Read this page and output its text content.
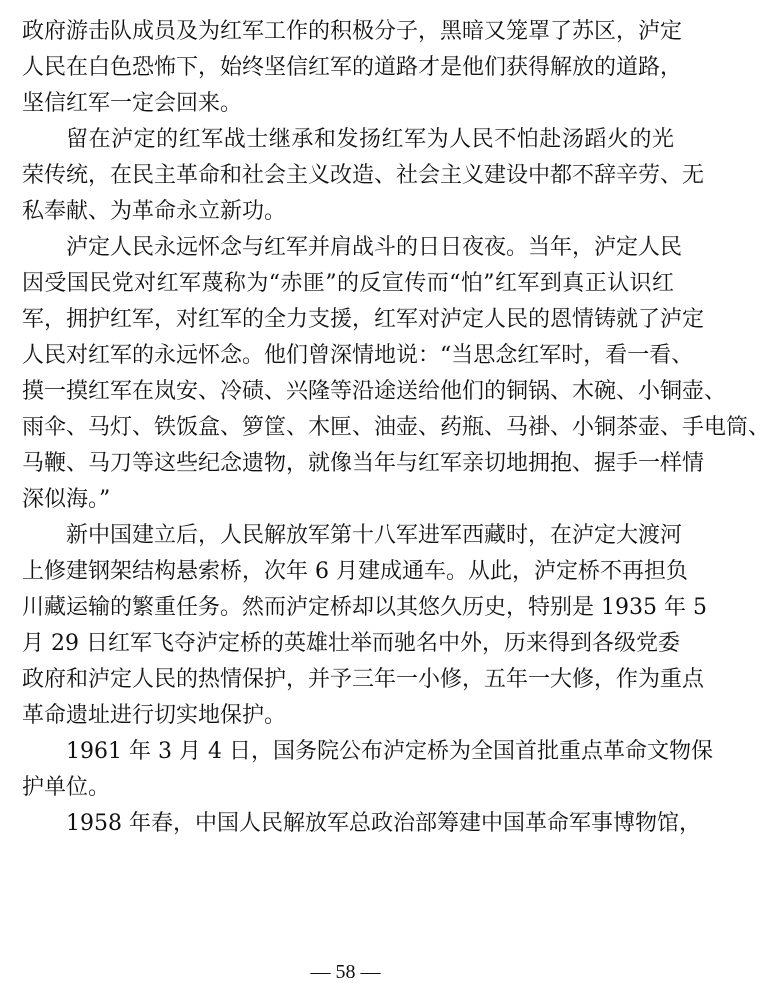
政府游击队成员及为红军工作的积极分子，黑暗又笼罩了苏区，泸定
人民在白色恐怖下，始终坚信红军的道路才是他们获得解放的道路，
坚信红军一定会回来。
留在泸定的红军战士继承和发扬红军为人民不怕赴汤蹈火的光
荣传统，在民主革命和社会主义改造、社会主义建设中都不辞辛劳、无
私奉献、为革命永立新功。
泸定人民永远怀念与红军并肩战斗的日日夜夜。当年，泸定人民
因受国民党对红军蔑称为“赤匪”的反宣传而“怕”红军到真正认识红
军，拥护红军，对红军的全力支援，红军对泸定人民的恩情铸就了泸定
人民对红军的永远怀念。他们曾深情地说：“当思念红军时，看一看、
摸一摸红军在岚安、冷碛、兴隆等沿途送给他们的铜锅、木碗、小铜壶、
雨伞、马灯、铁饭盒、箩筐、木匣、油壶、药瓶、马褂、小铜茶壶、手电筒、
马鞭、马刀等这些纪念遗物，就像当年与红军亲切地拥抱、握手一样情
深似海。”
新中国建立后，人民解放军第十八军进军西藏时，在泸定大渡河
上修建钢架结构悬索桥，次年 6 月建成通车。从此，泸定桥不再担负
川藏运输的繁重任务。然而泸定桥却以其悠久历史，特别是 1935 年 5
月 29 日红军飞夺泸定桥的英雄壮举而驰名中外，历来得到各级党委
政府和泸定人民的热情保护，并予三年一小修，五年一大修，作为重点
革命遗址进行切实地保护。
1961 年 3 月 4 日，国务院公布泸定桥为全国首批重点革命文物保
护单位。
1958 年春，中国人民解放军总政治部筹建中国革命军事博物馆，
— 58 —
